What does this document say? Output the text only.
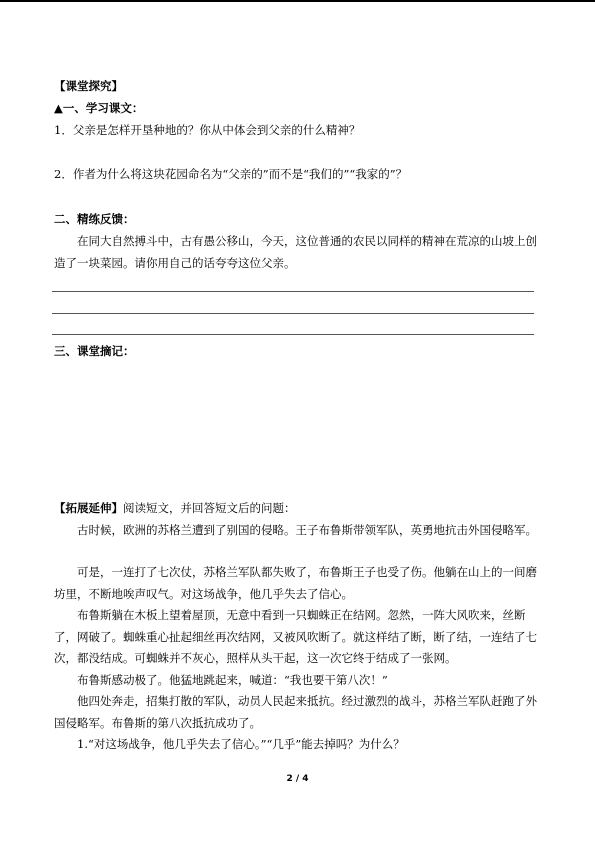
【课堂探究】

▲一、学习课文：

1．父亲是怎样开垦种地的？你从中体会到父亲的什么精神？

2．作者为什么将这块花园命名为“父亲的”而不是“我们的”“我家的”？

二、精练反馈：

在同大自然搏斗中，古有愚公移山，今天，这位普通的农民以同样的精神在荒凉的山坡上创造了一块菜园。请你用自己的话夸夸这位父亲。

三、课堂摘记：

【拓展延伸】阅读短文，并回答短文后的问题：

古时候，欧洲的苏格兰遭到了别国的侵略。王子布鲁斯带领军队，英勇地抗击外国侵略军。

可是，一连打了七次仗，苏格兰军队都失败了，布鲁斯王子也受了伤。他躺在山上的一间磨坊里，不断地唉声叹气。对这场战争，他几乎失去了信心。

布鲁斯躺在木板上望着屋顶，无意中看到一只蜘蛛正在结网。忽然，一阵大风吹来，丝断了，网破了。蜘蛛重心扯起细丝再次结网，又被风吹断了。就这样结了断，断了结，一连结了七次，都没结成。可蜘蛛并不灰心，照样从头干起，这一次它终于结成了一张网。

布鲁斯感动极了。他猛地跳起来，喊道：“我也要干第八次！”

他四处奔走，招集打散的军队，动员人民起来抵抗。经过激烈的战斗，苏格兰军队赶跑了外国侵略军。布鲁斯的第八次抵抗成功了。

1.“对这场战争，他几乎失去了信心。”“几乎”能去掉吗？为什么？

2 / 4
